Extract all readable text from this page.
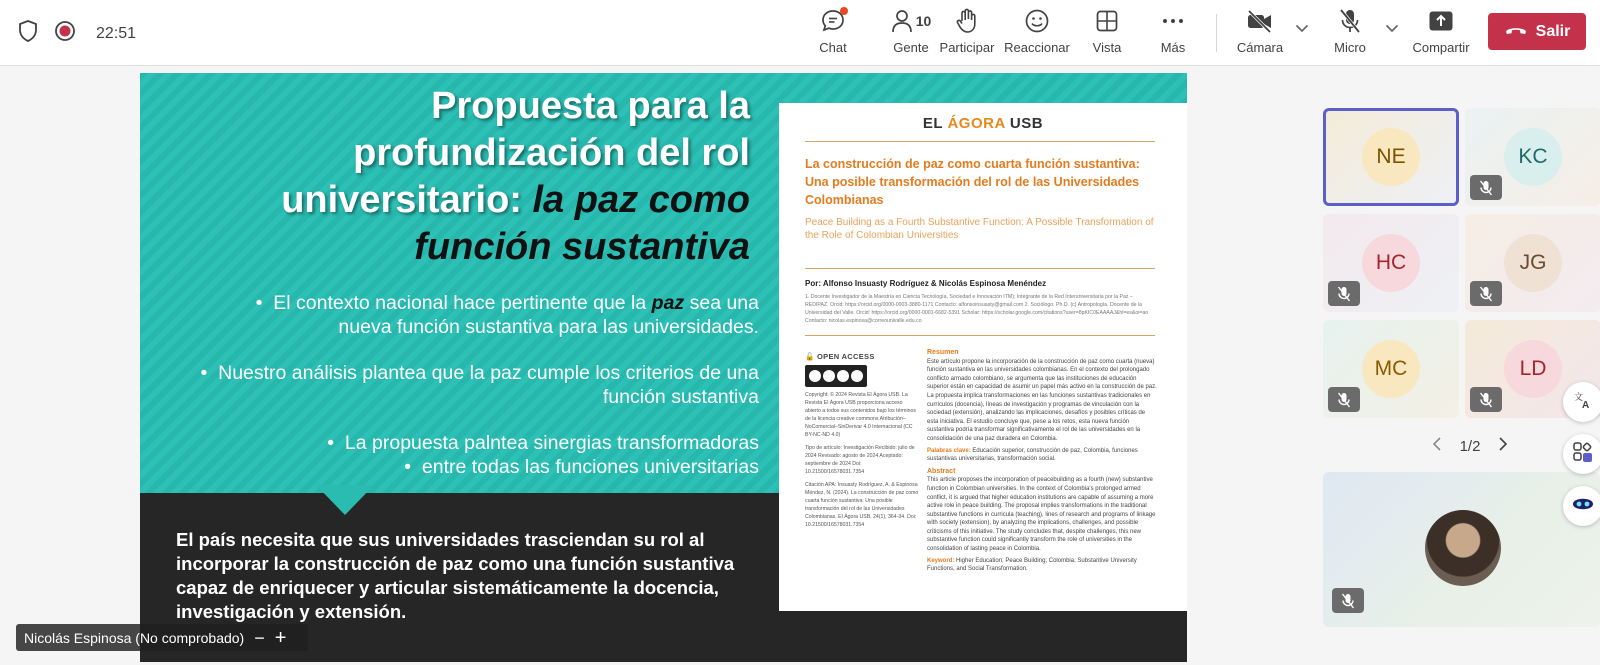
22:51
Chat
10
Gente Participar Reaccionar Vista	Más	Cámara	Micro	Compartir
Salir
Propuesta para la profundización del rol universitario: la paz como función sustantiva
•  El contexto nacional hace pertinente que la paz sea una nueva función sustantiva para las universidades.
•  Nuestro análisis plantea que la paz cumple los criterios de una función sustantiva
•  La propuesta palntea sinergias transformadoras
•  entre todas las funciones universitarias
El país necesita que sus universidades trasciendan su rol al incorporar la construcción de paz como una función sustantiva capaz de enriquecer y articular sistemáticamente la docencia, investigación y extensión.
EL ÁGORA USB
La construcción de paz como cuarta función sustantiva: Una posible transformación del rol de las Universidades Colombianas
Peace Building as a Fourth Substantive Function: A Possible Transformation of the Role of Colombian Universities
Por: Alfonso Insuasty Rodríguez & Nicolás Espinosa Menéndez
1. Docente Investigador de la Maestría en Ciencia Tecnología, Sociedad e Innovación ITM); Integrante de la Red Interuniversitaria por la Paz – REDIPAZ. Orcid: https://orcid.org/0000-0003-3880-1171 Contacto: alfonsoinsuasty@gmail.com 2. Sociólogo. Ph.D. (c) Antropología. Docente de la Universidad del Valle. Orcid: https://orcid.org/0000-0001-6682-5391 Scholar: https://scholar.google.com/citations?user=8pKIC0EAAAAJ&hl=es&oi=ao Contacto: nicolas.espinosa@correounivalle.edu.co
🔓 OPEN ACCESS
Copyright: © 2024 Revista El Ágora USB. La Revista El Ágora USB proporciona acceso abierto a todos sus contenidos bajo los términos de la licencia creative commons Atribución–NoComercial–SinDerivar 4.0 Internacional (CC BY-NC-ND 4.0)
Tipo de artículo: Investigación Recibido: julio de 2024 Revisado: agosto de 2024 Aceptado: septiembre de 2024 Doi: 10.21500/16578031.7354
Citación APA: Insuasty Rodríguez, A. & Espinosa Méndez, N. (2024). La construcción de paz como cuarta función sustantiva: Una posible transformación del rol de las Universidades Colombianas. El Ágora USB, 24(1), 364-34. Doi: 10.21500/16578031.7354
Resumen
Este artículo propone la incorporación de la construcción de paz como cuarta (nueva) función sustantiva en las universidades colombianas. En el contexto del prolongado conflicto armado colombiano, se argumenta que las instituciones de educación superior están en capacidad de asumir un papel más activo en la construcción de paz. La propuesta implica transformaciones en las funciones sustantivas tradicionales en currículos (docencia), líneas de investigación y programas de vinculación con la sociedad (extensión), analizando las implicaciones, desafíos y posibles críticas de esta iniciativa. El estudio concluye que, pese a los retos, esta nueva función sustantiva podría transformar significativamente el rol de las universidades en la consolidación de una paz duradera en Colombia.
Palabras clave: Educación superior, construcción de paz, Colombia, funciones sustantivas universitarias, transformación social.
Abstract
This article proposes the incorporation of peacebuilding as a fourth (new) substantive function in Colombian universities. In the context of Colombia's prolonged armed conflict, it is argued that higher education institutions are capable of assuming a more active role in peace building. The proposal implies transformations in the traditional substantive functions in curricula (teaching), lines of research and programs of linkage with society (extension), by analyzing the implications, challenges, and possible criticisms of this initiative. The study concludes that, despite challenges, this new substantive function could significantly transform the role of universities in the consolidation of lasting peace in Colombia.
Keyword: Higher Education; Peace Building; Colombia; Substantive University Functions, and Social Transformation.
Nicolás Espinosa (No comprobado) − +
NE	KC
HC	JG
MC	LD
1/2
文
A
